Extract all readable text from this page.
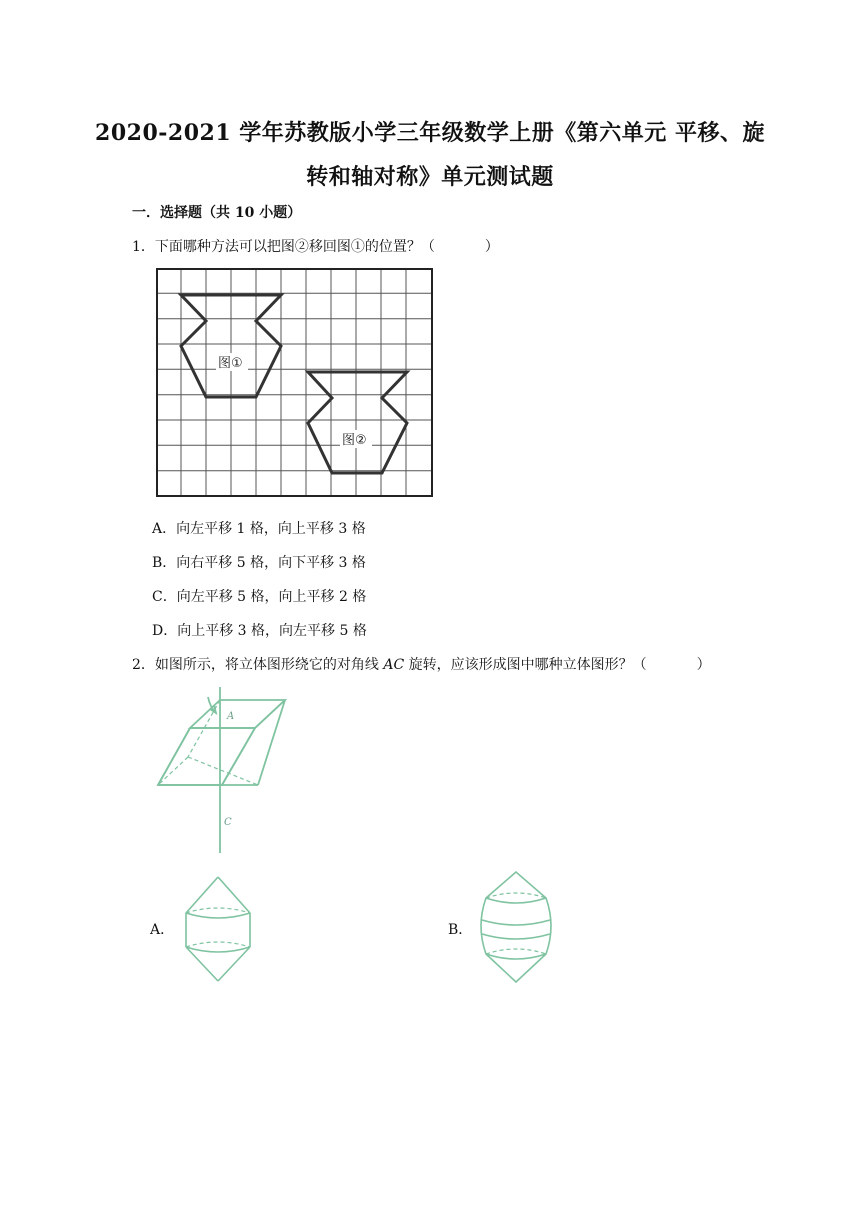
2020-2021 学年苏教版小学三年级数学上册《第六单元 平移、旋
转和轴对称》单元测试题
一．选择题（共 10 小题）
1．下面哪种方法可以把图②移回图①的位置？（	）
图①
图②
A．向左平移 1 格，向上平移 3 格
B．向右平移 5 格，向下平移 3 格
C．向左平移 5 格，向上平移 2 格
D．向上平移 3 格，向左平移 5 格
2．如图所示，将立体图形绕它的对角线 AC 旋转，应该形成图中哪种立体图形？（	）
A
C
A．	B．
